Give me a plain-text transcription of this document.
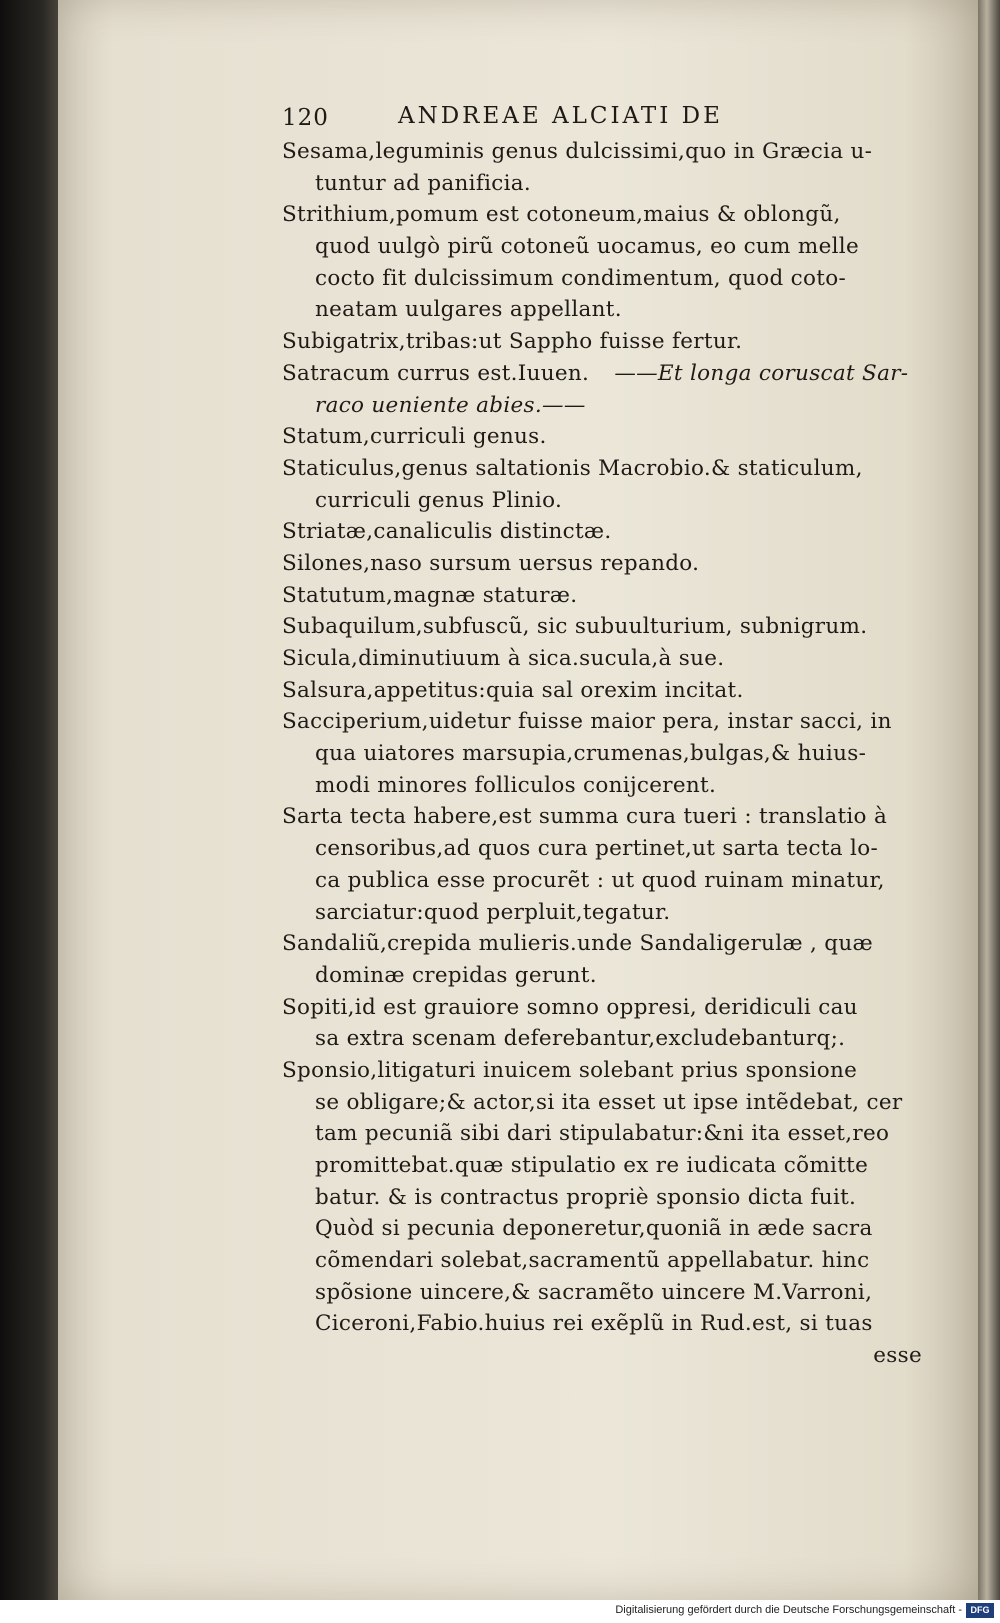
120	ANDREAE ALCIATI DE
Sesama,leguminis genus dulcissimi,quo in Græcia u-
tuntur ad panificia.
Strithium,pomum est cotoneum,maius & oblongũ,
quod uulgò pirũ cotoneũ uocamus, eo cum melle
cocto fit dulcissimum condimentum, quod coto-
neatam uulgares appellant.
Subigatrix,tribas:ut Sappho fuisse fertur.
Satracum currus est.Iuuen. ——Et longa coruscat Sar-
raco ueniente abies.——
Statum,curriculi genus.
Staticulus,genus saltationis Macrobio.& staticulum,
curriculi genus Plinio.
Striatæ,canaliculis distinctæ.
Silones,naso sursum uersus repando.
Statutum,magnæ staturæ.
Subaquilum,subfuscũ, sic subuulturium, subnigrum.
Sicula,diminutiuum à sica.sucula,à sue.
Salsura,appetitus:quia sal orexim incitat.
Sacciperium,uidetur fuisse maior pera, instar sacci, in
qua uiatores marsupia,crumenas,bulgas,& huius-
modi minores folliculos conijcerent.
Sarta tecta habere,est summa cura tueri : translatio à
censoribus,ad quos cura pertinet,ut sarta tecta lo-
ca publica esse procurẽt : ut quod ruinam minatur,
sarciatur:quod perpluit,tegatur.
Sandaliũ,crepida mulieris.unde Sandaligerulæ , quæ
dominæ crepidas gerunt.
Sopiti,id est grauiore somno oppresi, deridiculi cau
sa extra scenam deferebantur,excludebanturq;.
Sponsio,litigaturi inuicem solebant prius sponsione
se obligare;& actor,si ita esset ut ipse intẽdebat, cer
tam pecuniã sibi dari stipulabatur:&ni ita esset,reo
promittebat.quæ stipulatio ex re iudicata cõmitte
batur. & is contractus propriè sponsio dicta fuit.
Quòd si pecunia deponeretur,quoniã in æde sacra
cõmendari solebat,sacramentũ appellabatur. hinc
spõsione uincere,& sacramẽto uincere M.Varroni,
Ciceroni,Fabio.huius rei exẽplũ in Rud.est, si tuas
esse
Digitalisierung gefördert durch die Deutsche Forschungsgemeinschaft - DFG
